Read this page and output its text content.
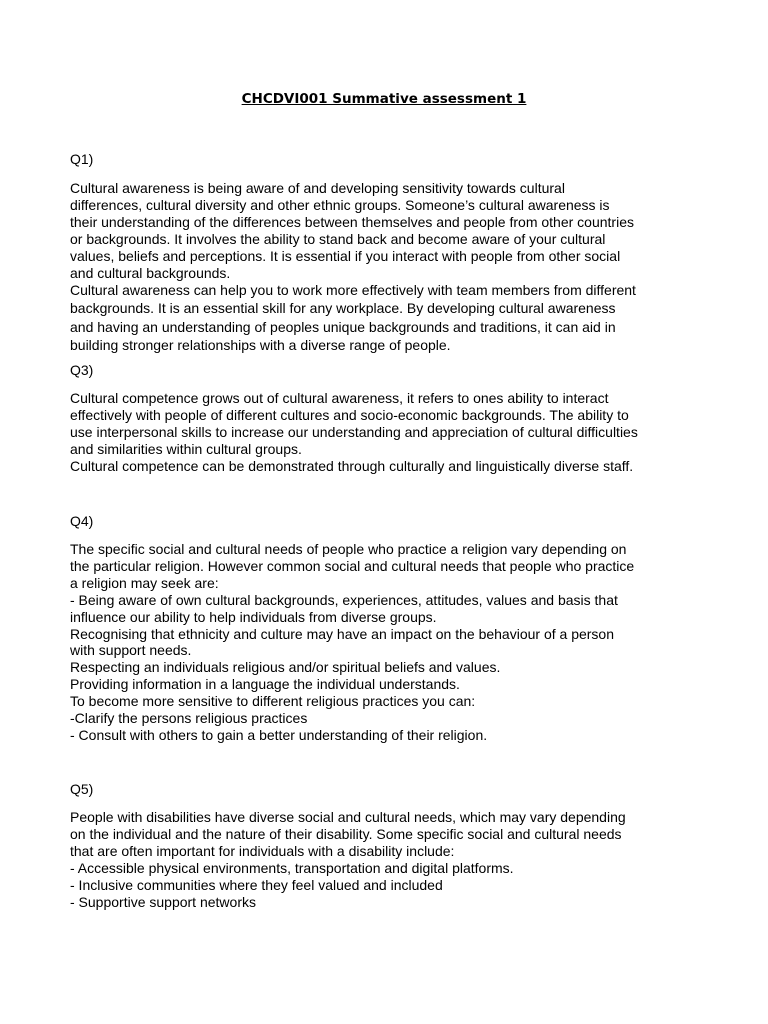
CHCDVI001 Summative assessment 1
Q1)
Cultural awareness is being aware of and developing sensitivity towards cultural
differences, cultural diversity and other ethnic groups. Someone’s cultural awareness is
their understanding of the differences between themselves and people from other countries
or backgrounds. It involves the ability to stand back and become aware of your cultural
values, beliefs and perceptions. It is essential if you interact with people from other social
and cultural backgrounds.
Cultural awareness can help you to work more effectively with team members from different
backgrounds. It is an essential skill for any workplace. By developing cultural awareness
and having an understanding of peoples unique backgrounds and traditions, it can aid in
building stronger relationships with a diverse range of people.
Q3)
Cultural competence grows out of cultural awareness, it refers to ones ability to interact
effectively with people of different cultures and socio-economic backgrounds. The ability to
use interpersonal skills to increase our understanding and appreciation of cultural difficulties
and similarities within cultural groups.
Cultural competence can be demonstrated through culturally and linguistically diverse staff.
Q4)
The specific social and cultural needs of people who practice a religion vary depending on
the particular religion. However common social and cultural needs that people who practice
a religion may seek are:
- Being aware of own cultural backgrounds, experiences, attitudes, values and basis that
influence our ability to help individuals from diverse groups.
Recognising that ethnicity and culture may have an impact on the behaviour of a person
with support needs.
Respecting an individuals religious and/or spiritual beliefs and values.
Providing information in a language the individual understands.
To become more sensitive to different religious practices you can:
-Clarify the persons religious practices
- Consult with others to gain a better understanding of their religion.
Q5)
People with disabilities have diverse social and cultural needs, which may vary depending
on the individual and the nature of their disability. Some specific social and cultural needs
that are often important for individuals with a disability include:
- Accessible physical environments, transportation and digital platforms.
- Inclusive communities where they feel valued and included
- Supportive support networks
